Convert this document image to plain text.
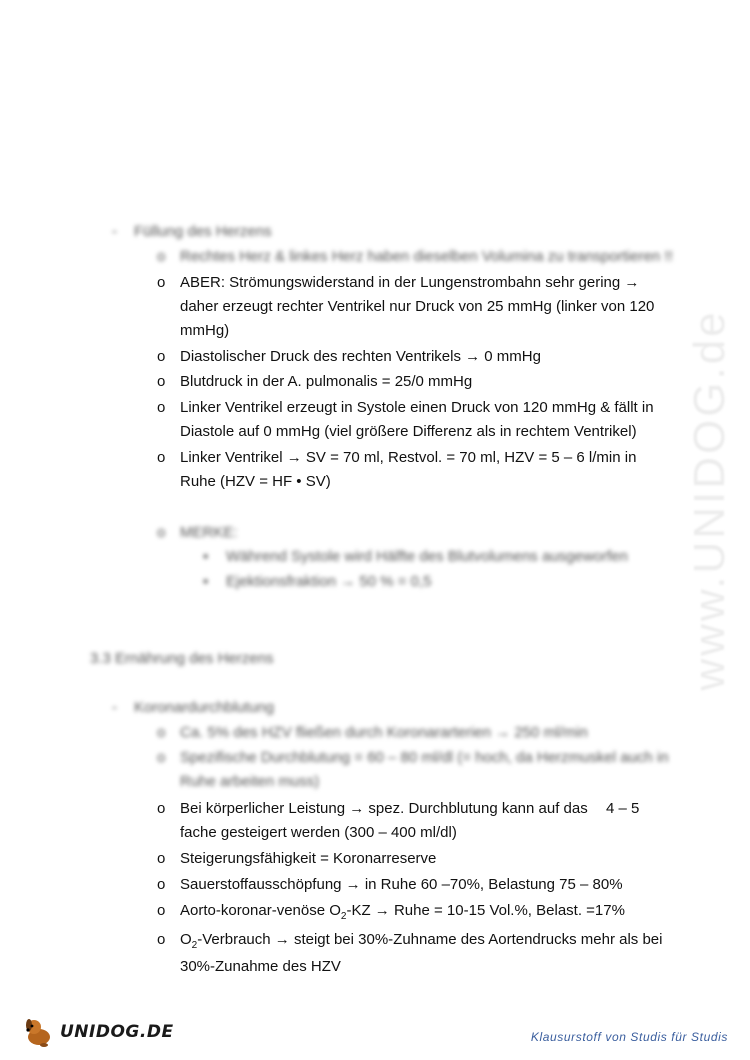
www.UNIDOG.de
- Füllung des Herzens
o Rechtes Herz & linkes Herz haben dieselben Volumina zu transportieren !!
o ABER: Strömungswiderstand in der Lungenstrombahn sehr gering →
daher erzeugt rechter Ventrikel nur Druck von 25 mmHg (linker von 120
mmHg)
o Diastolischer Druck des rechten Ventrikels → 0 mmHg
o Blutdruck in der A. pulmonalis = 25/0 mmHg
o Linker Ventrikel erzeugt in Systole einen Druck von 120 mmHg & fällt in
Diastole auf 0 mmHg (viel größere Differenz als in rechtem Ventrikel)
o Linker Ventrikel → SV = 70 ml, Restvol. = 70 ml, HZV = 5 – 6 l/min in
Ruhe (HZV = HF • SV)
o MERKE:
▪ Während Systole wird Hälfte des Blutvolumens ausgeworfen
▪ Ejektionsfraktion → 50 % = 0,5
3.3 Ernährung des Herzens
- Koronardurchblutung
o Ca. 5% des HZV fließen durch Koronararterien → 250 ml/min
o Spezifische Durchblutung = 60 – 80 ml/dl (= hoch, da Herzmuskel auch in
Ruhe arbeiten muss)
o Bei körperlicher Leistung → spez. Durchblutung kann auf das 4 – 5
fache gesteigert werden (300 – 400 ml/dl)
o Steigerungsfähigkeit = Koronarreserve
o Sauerstoffausschöpfung → in Ruhe 60 –70%, Belastung 75 – 80%
o Aorto-koronar-venöse $O_2-KZ$ → Ruhe = 10-15 Vol.%, Belast. =17%
o $O_2$-Verbrauch → steigt bei 30%-Zuhname des Aortendrucks mehr als bei
30%-Zunahme des HZV
UNIDOG.DE	Klausurstoff von Studis für Studis
